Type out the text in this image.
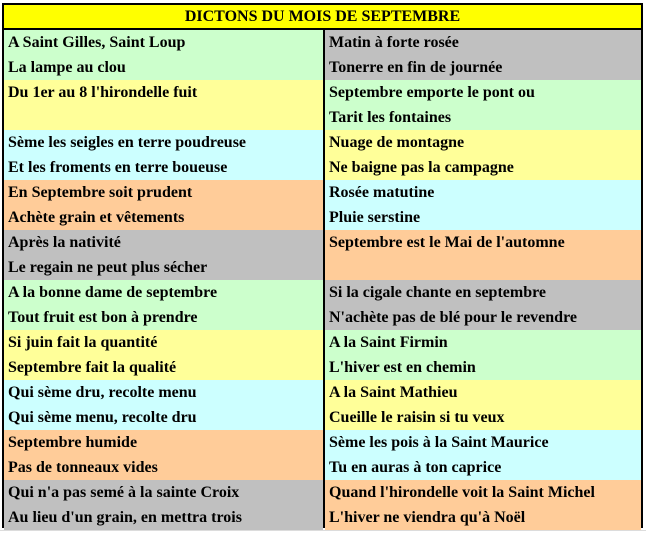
DICTONS DU MOIS DE SEPTEMBRE
A Saint Gilles, Saint Loup
La lampe au clou
Du 1er au 8 l'hirondelle fuit
Sème les seigles en terre poudreuse
Et les froments en terre boueuse
En Septembre soit prudent
Achète grain et vêtements
Après la nativité
Le regain ne peut plus sécher
A la bonne dame de septembre
Tout fruit est bon à prendre
Si juin fait la quantité
Septembre fait la qualité
Qui sème dru, recolte menu
Qui sème menu, recolte dru
Septembre humide
Pas de tonneaux vides
Qui n'a pas semé à la sainte Croix
Au lieu d'un grain, en mettra trois
Matin à forte rosée
Tonerre en fin de journée
Septembre emporte le pont ou
Tarit les fontaines
Nuage de montagne
Ne baigne pas la campagne
Rosée matutine
Pluie serstine
Septembre est le Mai de l'automne
Si la cigale chante en septembre
N'achète pas de blé pour le revendre
A la Saint Firmin
L'hiver est en chemin
A la Saint Mathieu
Cueille le raisin si tu veux
Sème les pois à la Saint Maurice
Tu en auras à ton caprice
Quand l'hirondelle voit la Saint Michel
L'hiver ne viendra qu'à Noël
